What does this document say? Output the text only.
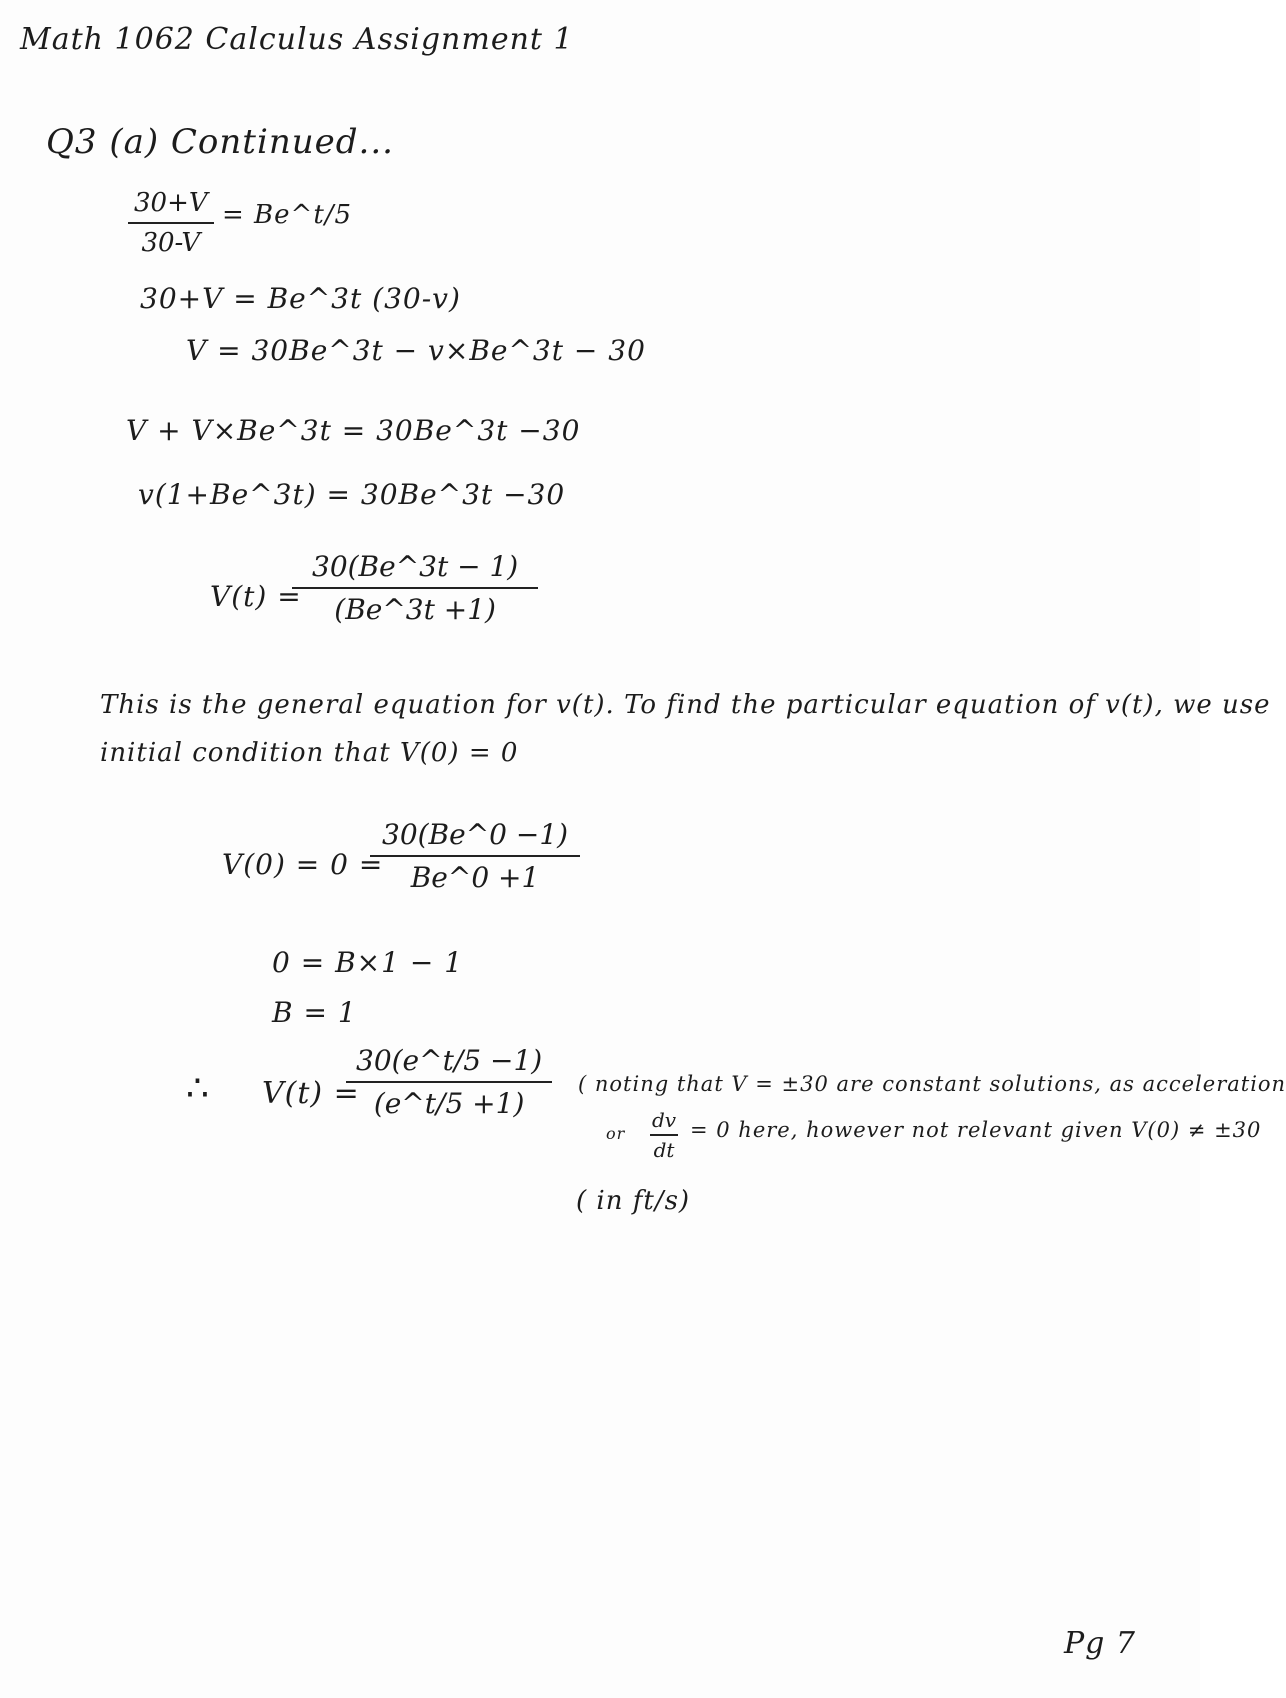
Math 1062 Calculus Assignment 1
Q3 (a) Continued...
$\frac{30+V}{30-V}$ = Be^t/5
30+V = Be^3t (30-v)
V = 30Be^3t − v×Be^3t − 30
V + V×Be^3t = 30Be^3t −30
v(1+Be^3t) = 30Be^3t −30
V(t) =
$\frac{30(Be\^{}3t - 1)}{(Be\^{}3t +1)}$
This is the general equation for v(t). To find the particular equation of v(t), we use
initial condition that V(0) = 0
V(0) = 0 =
$\frac{30(Be\^{}0 -1)}{Be\^{}0 +1}$
0 = B×1 − 1
B = 1
∴ V(t) =
$\frac{30(e\^{}t/5 -1)}{(e\^{}t/5 +1)}$ ( noting that V = ±30 are constant solutions, as acceleration
or $\frac{dv}{dt} = 0$ here, however not relevant given V(0) ≠ ±30
( in ft/s)
Pg 7
